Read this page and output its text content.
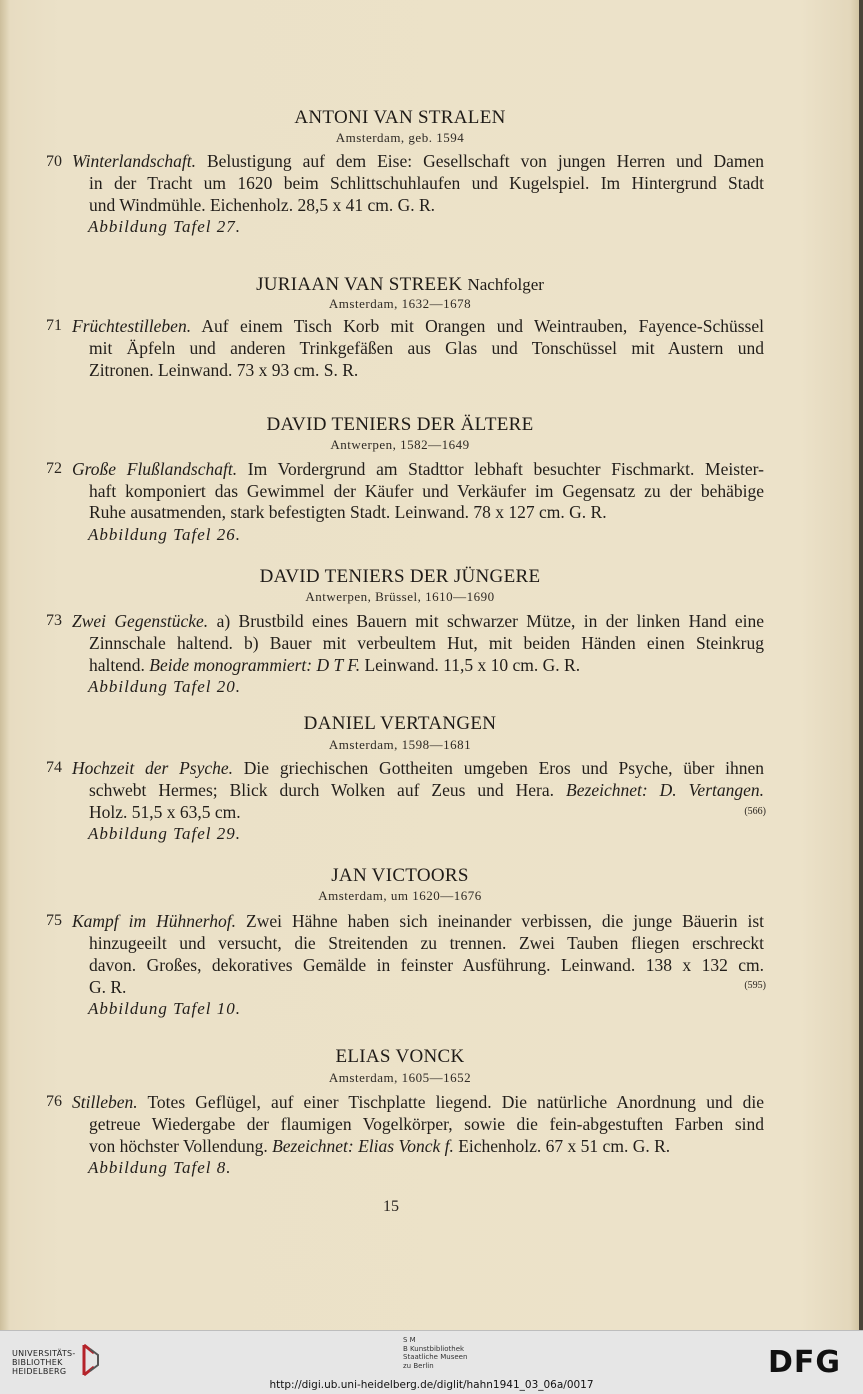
ANTONI VAN STRALEN
Amsterdam, geb. 1594
70 Winterlandschaft. Belustigung auf dem Eise: Gesellschaft von jungen Herren und Damen
in der Tracht um 1620 beim Schlittschuhlaufen und Kugelspiel. Im Hintergrund Stadt
und Windmühle. Eichenholz. 28,5 x 41 cm. G. R.
Abbildung Tafel 27.
JURIAAN VAN STREEK Nachfolger
Amsterdam, 1632—1678
71 Früchtestilleben. Auf einem Tisch Korb mit Orangen und Weintrauben, Fayence-Schüssel
mit Äpfeln und anderen Trinkgefäßen aus Glas und Tonschüssel mit Austern und
Zitronen. Leinwand. 73 x 93 cm. S. R.
DAVID TENIERS DER ÄLTERE
Antwerpen, 1582—1649
72 Große Flußlandschaft. Im Vordergrund am Stadttor lebhaft besuchter Fischmarkt. Meister-
haft komponiert das Gewimmel der Käufer und Verkäufer im Gegensatz zu der behäbige
Ruhe ausatmenden, stark befestigten Stadt. Leinwand. 78 x 127 cm. G. R.
Abbildung Tafel 26.
DAVID TENIERS DER JÜNGERE
Antwerpen, Brüssel, 1610—1690
73 Zwei Gegenstücke. a) Brustbild eines Bauern mit schwarzer Mütze, in der linken Hand eine
Zinnschale haltend. b) Bauer mit verbeultem Hut, mit beiden Händen einen Steinkrug
haltend. Beide monogrammiert: D T F. Leinwand. 11,5 x 10 cm. G. R.
Abbildung Tafel 20.
DANIEL VERTANGEN
Amsterdam, 1598—1681
74 Hochzeit der Psyche. Die griechischen Gottheiten umgeben Eros und Psyche, über ihnen
schwebt Hermes; Blick durch Wolken auf Zeus und Hera. Bezeichnet: D. Vertangen.
Holz. 51,5 x 63,5 cm.	(566)
Abbildung Tafel 29.
JAN VICTOORS
Amsterdam, um 1620—1676
75 Kampf im Hühnerhof. Zwei Hähne haben sich ineinander verbissen, die junge Bäuerin ist
hinzugeeilt und versucht, die Streitenden zu trennen. Zwei Tauben fliegen erschreckt
davon. Großes, dekoratives Gemälde in feinster Ausführung. Leinwand. 138 x 132 cm.
G. R.	(595)
Abbildung Tafel 10.
ELIAS VONCK
Amsterdam, 1605—1652
76 Stilleben. Totes Geflügel, auf einer Tischplatte liegend. Die natürliche Anordnung und die
getreue Wiedergabe der flaumigen Vogelkörper, sowie die fein-abgestuften Farben sind
von höchster Vollendung. Bezeichnet: Elias Vonck f. Eichenholz. 67 x 51 cm. G. R.
Abbildung Tafel 8.
15
UNIVERSITÄTS-
BIBLIOTHEK
HEIDELBERG
S M
B Kunstbibliothek
Staatliche Museen
zu Berlin	DFG
http://digi.ub.uni-heidelberg.de/diglit/hahn1941_03_06a/0017
